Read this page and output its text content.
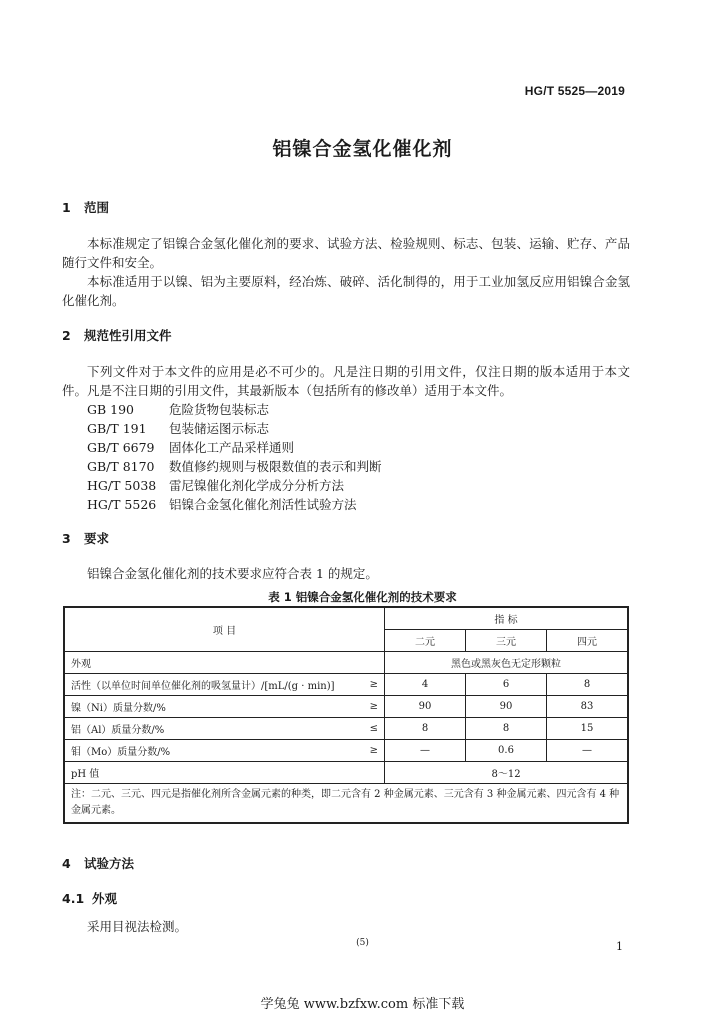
HG/T 5525—2019
铝镍合金氢化催化剂
1 范围

本标准规定了铝镍合金氢化催化剂的要求、试验方法、检验规则、标志、包装、运输、贮存、产品随行文件和安全。

本标准适用于以镍、铝为主要原料，经冶炼、破碎、活化制得的，用于工业加氢反应用铝镍合金氢化催化剂。

2 规范性引用文件

下列文件对于本文件的应用是必不可少的。凡是注日期的引用文件，仅注日期的版本适用于本文件。凡是不注日期的引用文件，其最新版本（包括所有的修改单）适用于本文件。

GB 190	危险货物包装标志
GB/T 191 包装储运图示标志
GB/T 6679 固体化工产品采样通则
GB/T 8170 数值修约规则与极限数值的表示和判断
HG/T 5038 雷尼镍催化剂化学成分分析方法
HG/T 5526 铝镍合金氢化催化剂活性试验方法
3 要求
铝镍合金氢化催化剂的技术要求应符合表 1 的规定。
表 1 铝镍合金氢化催化剂的技术要求
项 目	指 标		
	二元	三元	四元
外观	黑色或黑灰色无定形颗粒		

活性（以单位时间单位催化剂的吸氢量计）/[mL/(g · min)] ≥	4	6	8

镍（Ni）质量分数/% ≥	90	90	83

铝（Al）质量分数/% ≤	8	8	15

钼（Mo）质量分数/% ≥	—	0.6	—
pH 值	8～12		
注：二元、三元、四元是指催化剂所含金属元素的种类，即二元含有 2 种金属元素、三元含有 3 种金属元素、四元含有 4 种金属元素。			
4 试验方法
4.1 外观
采用目视法检测。
(5)	1
学兔兔 www.bzfxw.com 标准下载
